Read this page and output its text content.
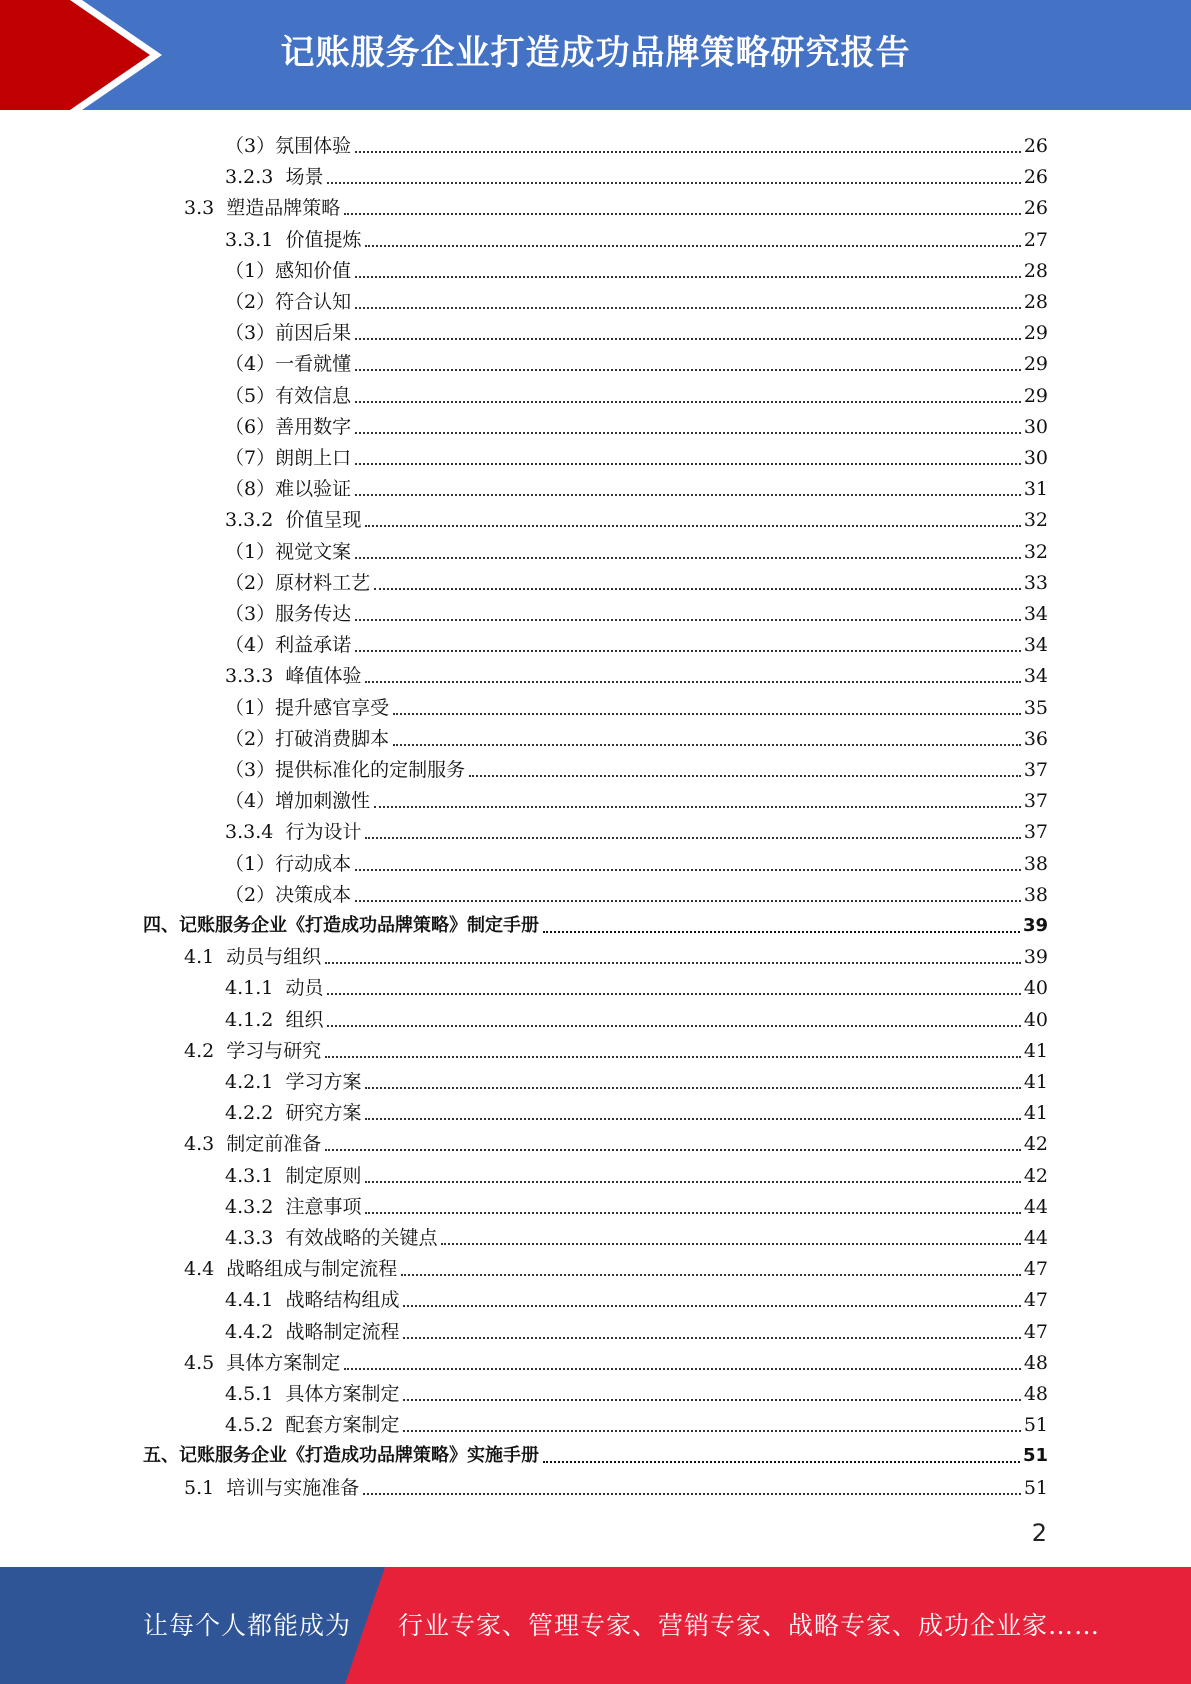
记账服务企业打造成功品牌策略研究报告
（3） 氛围体验	26
3.2.3 场景	26
3.3 塑造品牌策略	26
3.3.1 价值提炼	27
（1） 感知价值	28
（2） 符合认知	28
（3） 前因后果	29
（4） 一看就懂	29
（5） 有效信息	29
（6） 善用数字	30
（7） 朗朗上口	30
（8） 难以验证	31
3.3.2 价值呈现	32
（1） 视觉文案	32
（2） 原材料工艺	33
（3） 服务传达	34
（4） 利益承诺	34
3.3.3 峰值体验	34
（1） 提升感官享受	35
（2） 打破消费脚本	36
（3） 提供标准化的定制服务	37
（4） 增加刺激性	37
3.3.4 行为设计	37
（1） 行动成本	38
（2） 决策成本	38
四、记账服务企业《打造成功品牌策略》制定手册	39
4.1 动员与组织	39
4.1.1 动员	40
4.1.2 组织	40
4.2 学习与研究	41
4.2.1 学习方案	41
4.2.2 研究方案	41
4.3 制定前准备	42
4.3.1 制定原则	42
4.3.2 注意事项	44
4.3.3 有效战略的关键点	44
4.4 战略组成与制定流程	47
4.4.1 战略结构组成	47
4.4.2 战略制定流程	47
4.5 具体方案制定	48
4.5.1 具体方案制定	48
4.5.2 配套方案制定	51
五、记账服务企业《打造成功品牌策略》实施手册	51
5.1 培训与实施准备	51
2
让每个人都能成为 行业专家、管理专家、营销专家、战略专家、成功企业家……
